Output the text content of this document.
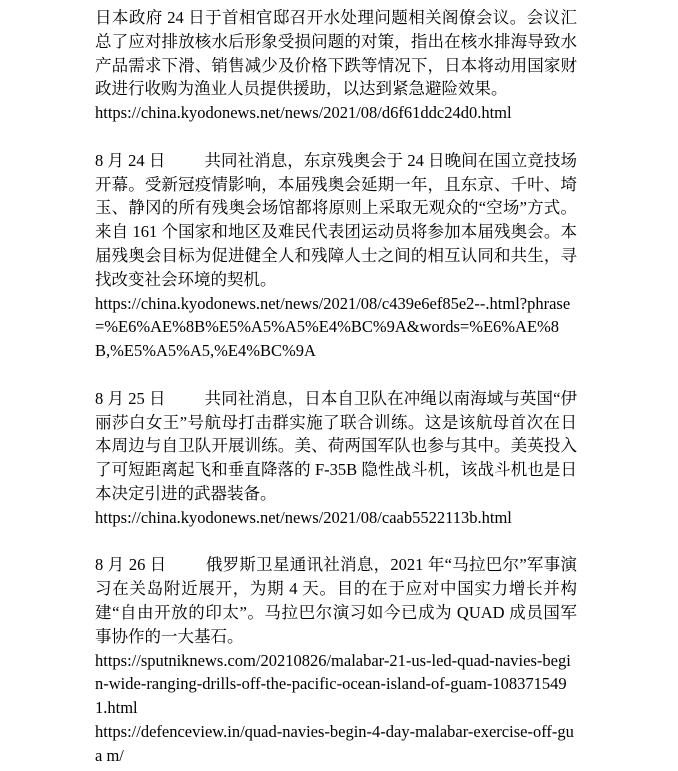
日本政府 24 日于首相官邸召开水处理问题相关阁僚会议。会议汇总了应对排放核水后形象受损问题的对策，指出在核水排海导致水产品需求下滑、销售减少及价格下跌等情况下，日本将动用国家财政进行收购为渔业人员提供援助，以达到紧急避险效果。

https://china.kyodonews.net/news/2021/08/d6f61ddc24d0.html

8 月 24 日 共同社消息，东京残奥会于 24 日晚间在国立竞技场开幕。受新冠疫情影响，本届残奥会延期一年，且东京、千叶、埼玉、静冈的所有残奥会场馆都将原则上采取无观众的“空场”方式。来自 161 个国家和地区及难民代表团运动员将参加本届残奥会。本届残奥会目标为促进健全人和残障人士之间的相互认同和共生，寻找改变社会环境的契机。

https://china.kyodonews.net/news/2021/08/c439e6ef85e2--.html?phrase=%E6%AE%8B%E5%A5%A5%E4%BC%9A&words=%E6%AE%8B,%E5%A5%A5,%E4%BC%9A

8 月 25 日 共同社消息，日本自卫队在冲绳以南海域与英国“伊丽莎白女王”号航母打击群实施了联合训练。这是该航母首次在日本周边与自卫队开展训练。美、荷两国军队也参与其中。美英投入了可短距离起飞和垂直降落的 F-35B 隐性战斗机，该战斗机也是日本决定引进的武器装备。

https://china.kyodonews.net/news/2021/08/caab5522113b.html

8 月 26 日 俄罗斯卫星通讯社消息，2021 年“马拉巴尔”军事演习在关岛附近展开，为期 4 天。目的在于应对中国实力增长并构建“自由开放的印太”。马拉巴尔演习如今已成为 QUAD 成员国军事协作的一大基石。

https://sputniknews.com/20210826/malabar-21-us-led-quad-navies-begin-wide-ranging-drills-off-the-pacific-ocean-island-of-guam-1083715491.html

https://defenceview.in/quad-navies-begin-4-day-malabar-exercise-off-gua m/
